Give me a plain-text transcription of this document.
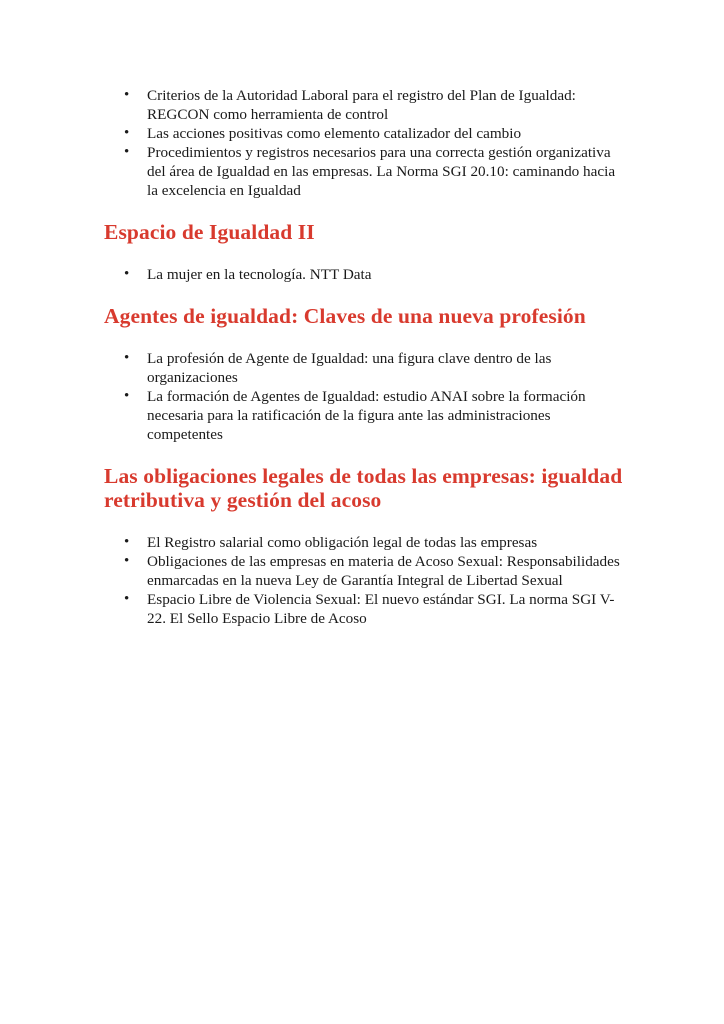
• Criterios de la Autoridad Laboral para el registro del Plan de Igualdad: REGCON como herramienta de control
• Las acciones positivas como elemento catalizador del cambio
• Procedimientos y registros necesarios para una correcta gestión organizativa del área de Igualdad en las empresas. La Norma SGI 20.10: caminando hacia la excelencia en Igualdad
Espacio de Igualdad II
• La mujer en la tecnología. NTT Data
Agentes de igualdad: Claves de una nueva profesión
• La profesión de Agente de Igualdad: una figura clave dentro de las organizaciones
• La formación de Agentes de Igualdad: estudio ANAI sobre la formación necesaria para la ratificación de la figura ante las administraciones competentes
Las obligaciones legales de todas las empresas: igualdad retributiva y gestión del acoso
• El Registro salarial como obligación legal de todas las empresas
• Obligaciones de las empresas en materia de Acoso Sexual: Responsabilidades enmarcadas en la nueva Ley de Garantía Integral de Libertad Sexual
• Espacio Libre de Violencia Sexual: El nuevo estándar SGI. La norma SGI V-22. El Sello Espacio Libre de Acoso
